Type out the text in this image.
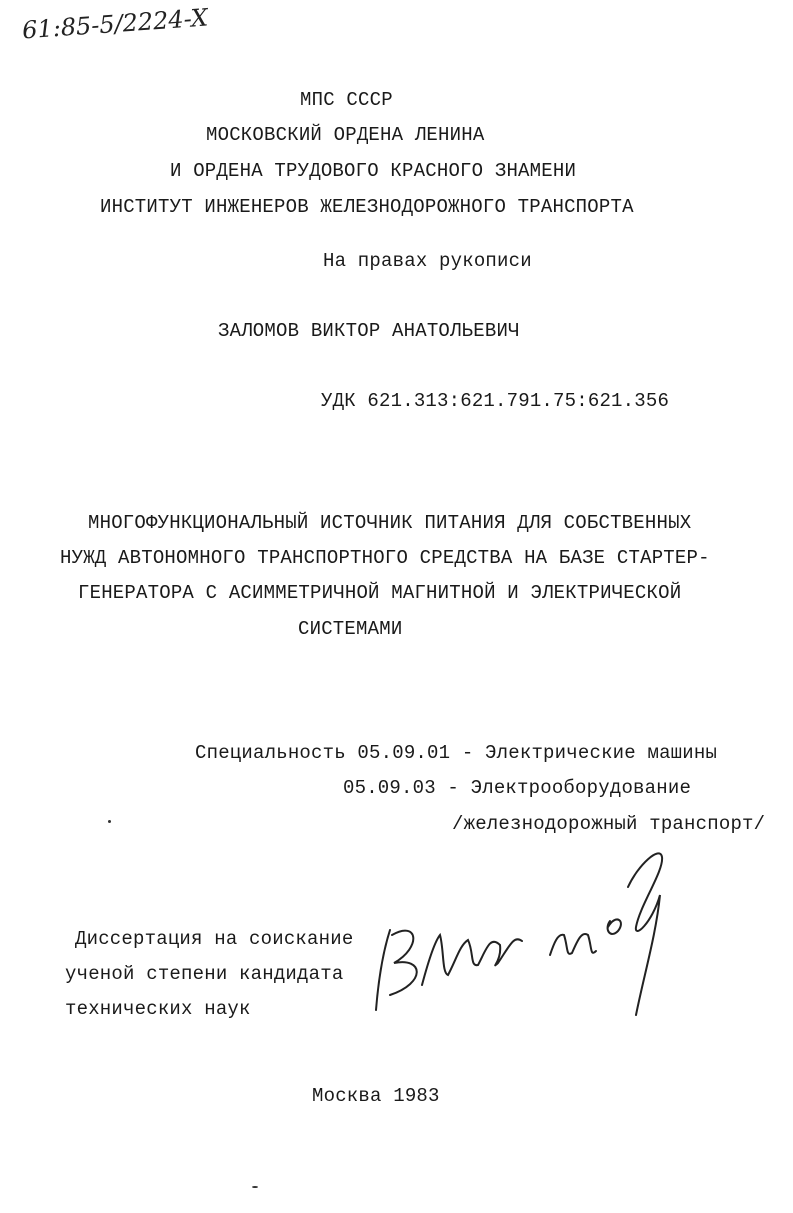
61:85-5/2224-X
МПС СССР
МОСКОВСКИЙ ОРДЕНА ЛЕНИНА
И ОРДЕНА ТРУДОВОГО КРАСНОГО ЗНАМЕНИ
ИНСТИТУТ ИНЖЕНЕРОВ ЖЕЛЕЗНОДОРОЖНОГО ТРАНСПОРТА
На правах рукописи
ЗАЛОМОВ ВИКТОР АНАТОЛЬЕВИЧ
УДК 621.313:621.791.75:621.356
МНОГОФУНКЦИОНАЛЬНЫЙ ИСТОЧНИК ПИТАНИЯ ДЛЯ СОБСТВЕННЫХ
НУЖД АВТОНОМНОГО ТРАНСПОРТНОГО СРЕДСТВА НА БАЗЕ СТАРТЕР-
ГЕНЕРАТОРА С АСИММЕТРИЧНОЙ МАГНИТНОЙ И ЭЛЕКТРИЧЕСКОЙ
СИСТЕМАМИ
Специальность 05.09.01 - Электрические машины
05.09.03 - Электрооборудование
/железнодорожный транспорт/
Диссертация на соискание
ученой степени кандидата
технических наук
Москва 1983
